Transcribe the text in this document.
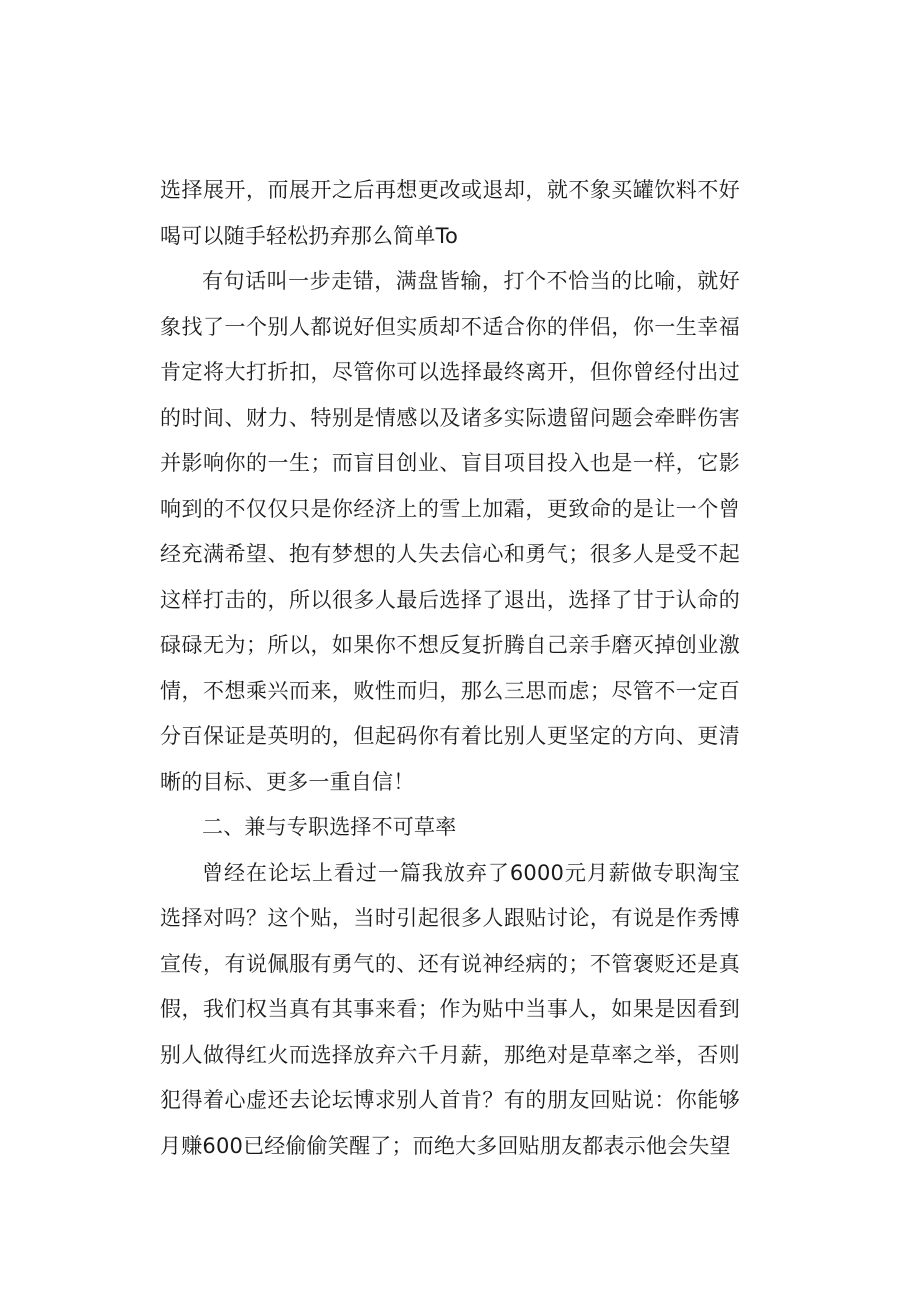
选择展开，而展开之后再想更改或退却，就不象买罐饮料不好喝可以随手轻松扔弃那么简单To

有句话叫一步走错，满盘皆输，打个不恰当的比喻，就好象找了一个别人都说好但实质却不适合你的伴侣，你一生幸福肯定将大打折扣，尽管你可以选择最终离开，但你曾经付出过的时间、财力、特别是情感以及诸多实际遗留问题会牵畔伤害并影响你的一生；而盲目创业、盲目项目投入也是一样，它影响到的不仅仅只是你经济上的雪上加霜，更致命的是让一个曾经充满希望、抱有梦想的人失去信心和勇气；很多人是受不起这样打击的，所以很多人最后选择了退出，选择了甘于认命的碌碌无为；所以，如果你不想反复折腾自己亲手磨灭掉创业激情，不想乘兴而来，败性而归，那么三思而虑；尽管不一定百分百保证是英明的，但起码你有着比别人更坚定的方向、更清晰的目标、更多一重自信！

二、兼与专职选择不可草率

曾经在论坛上看过一篇我放弃了6000元月薪做专职淘宝选择对吗？这个贴，当时引起很多人跟贴讨论，有说是作秀博宣传，有说佩服有勇气的、还有说神经病的；不管褒贬还是真假，我们权当真有其事来看；作为贴中当事人，如果是因看到别人做得红火而选择放弃六千月薪，那绝对是草率之举，否则犯得着心虚还去论坛博求别人首肯？有的朋友回贴说：你能够月赚600已经偷偷笑醒了；而绝大多回贴朋友都表示他会失望
